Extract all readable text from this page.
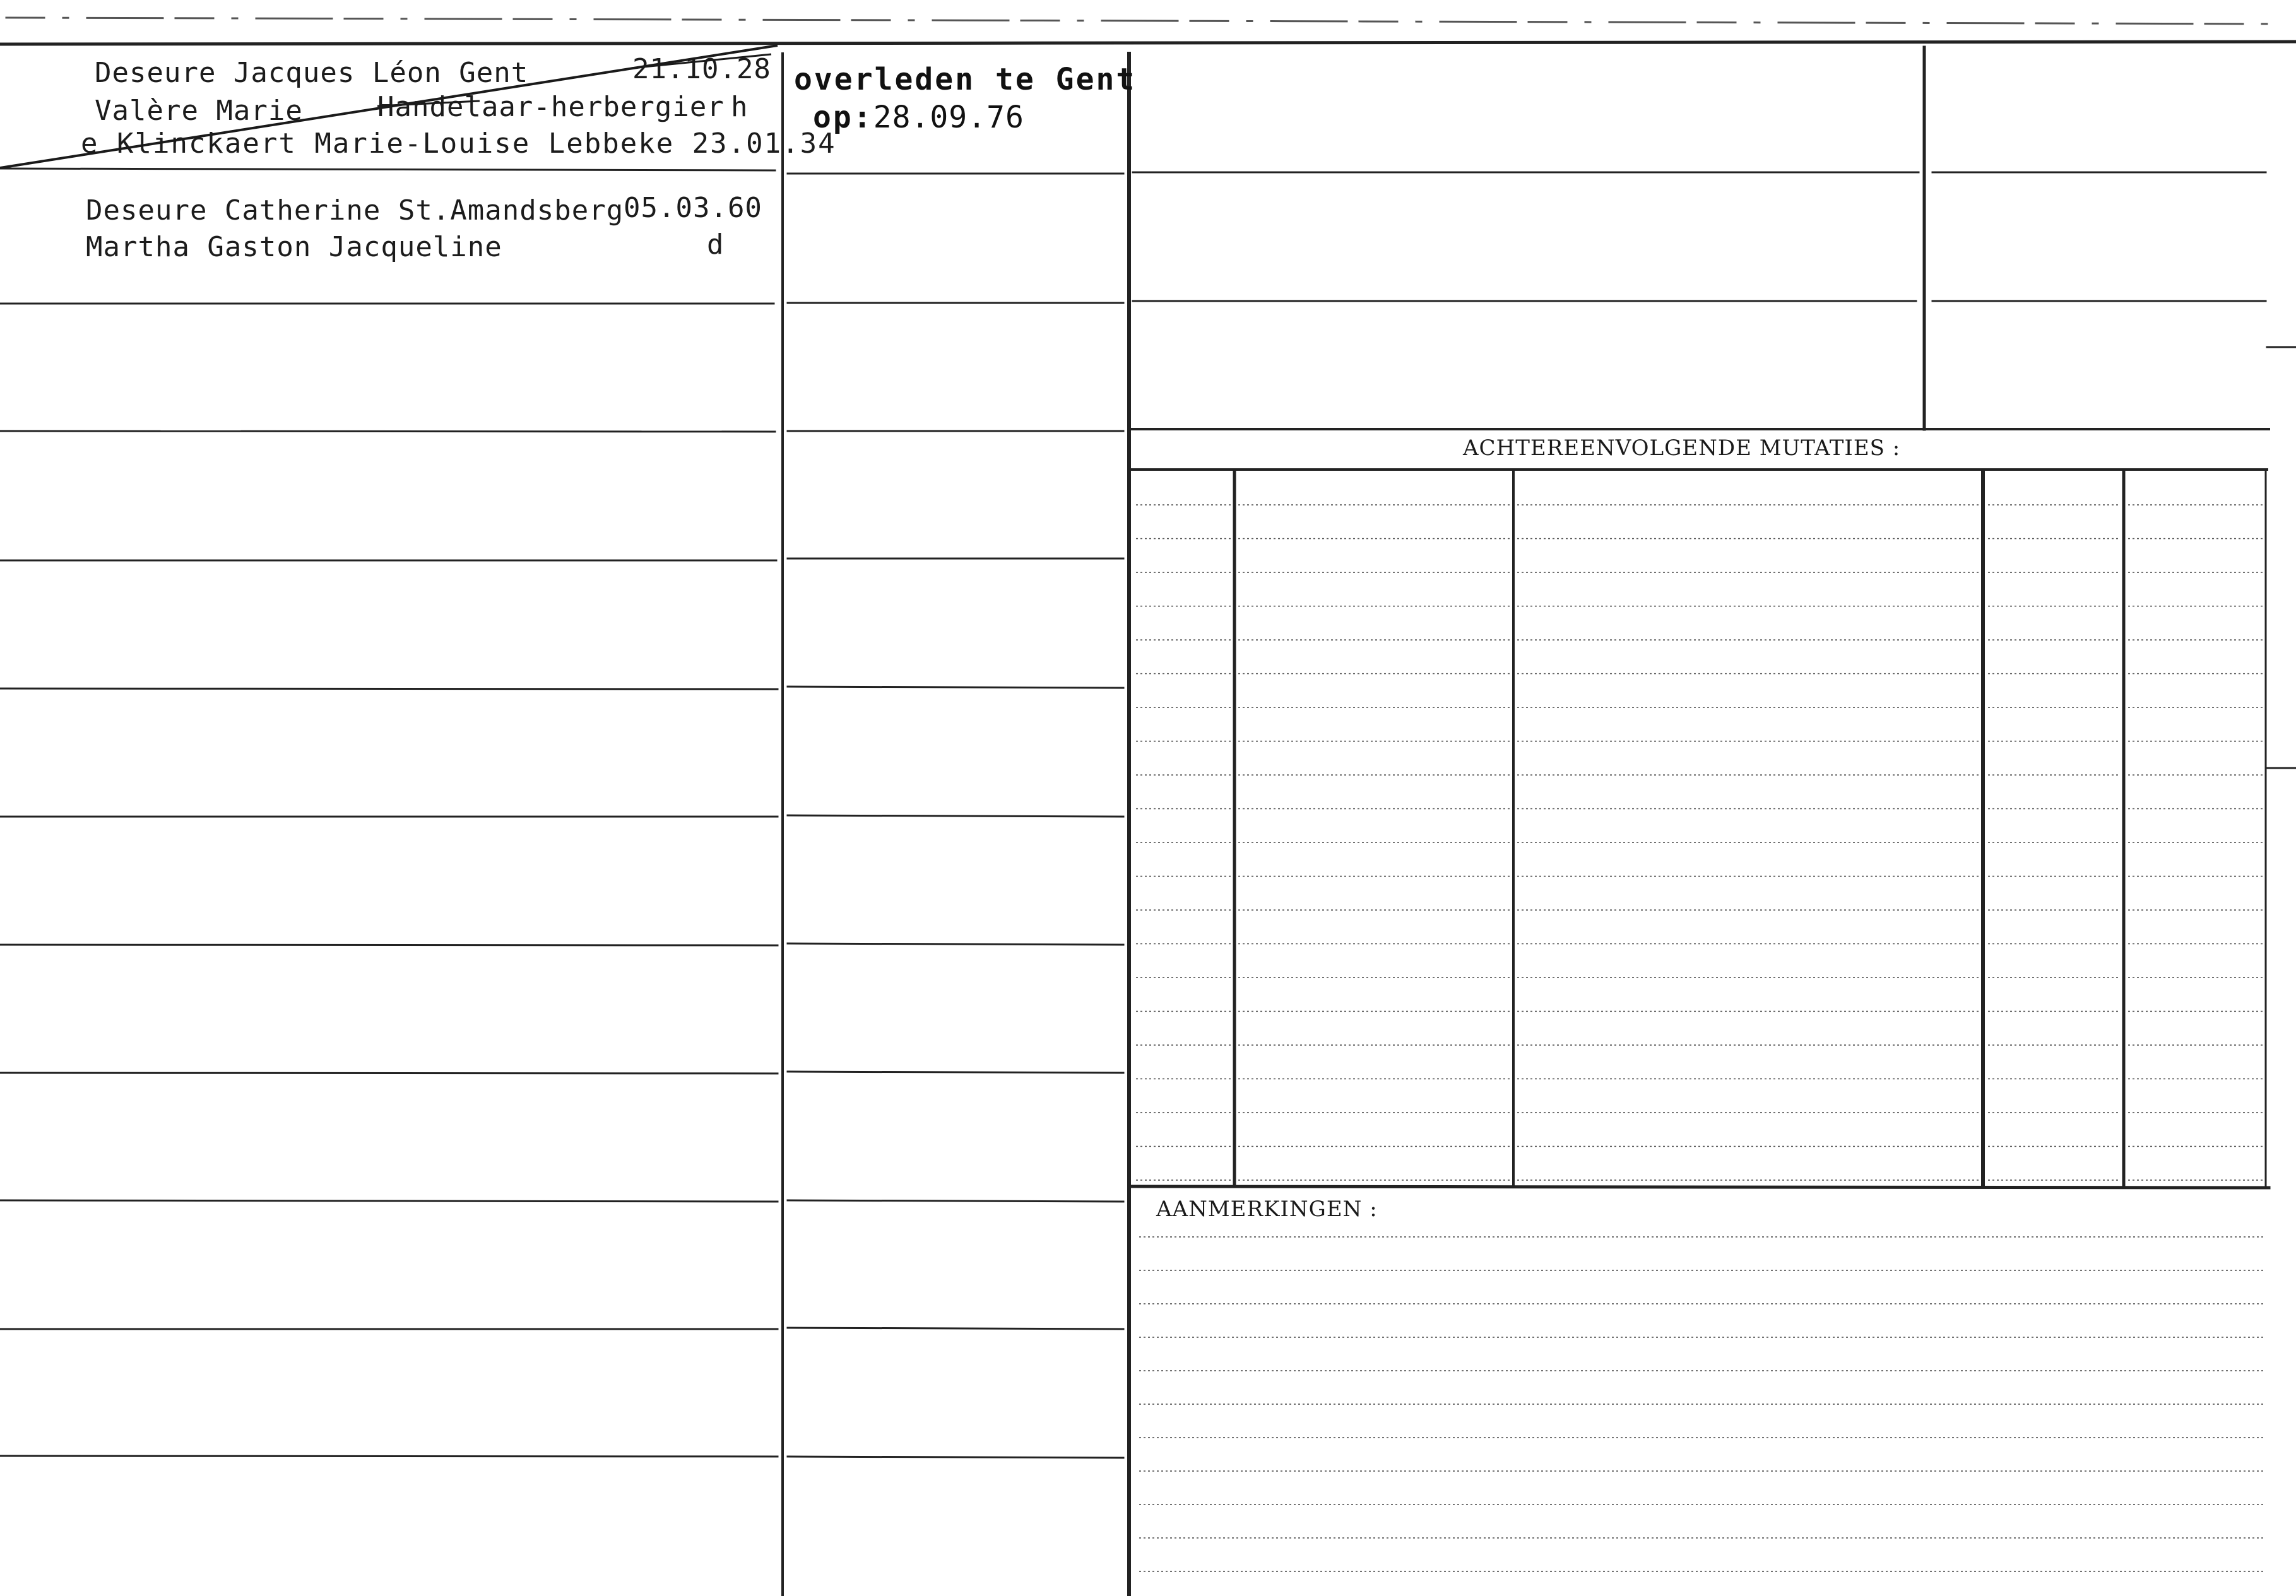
Deseure Jacques Léon Gent	21.10.28
Valère Marie	Handelaar-herbergier h
e Klinckaert Marie-Louise Lebbeke 23.01.34
Deseure Catherine St.Amandsberg 05.03.60
Martha Gaston Jacqueline	d
overleden te Gent
op:28.09.76
ACHTEREENVOLGENDE MUTATIES :
AANMERKINGEN :
